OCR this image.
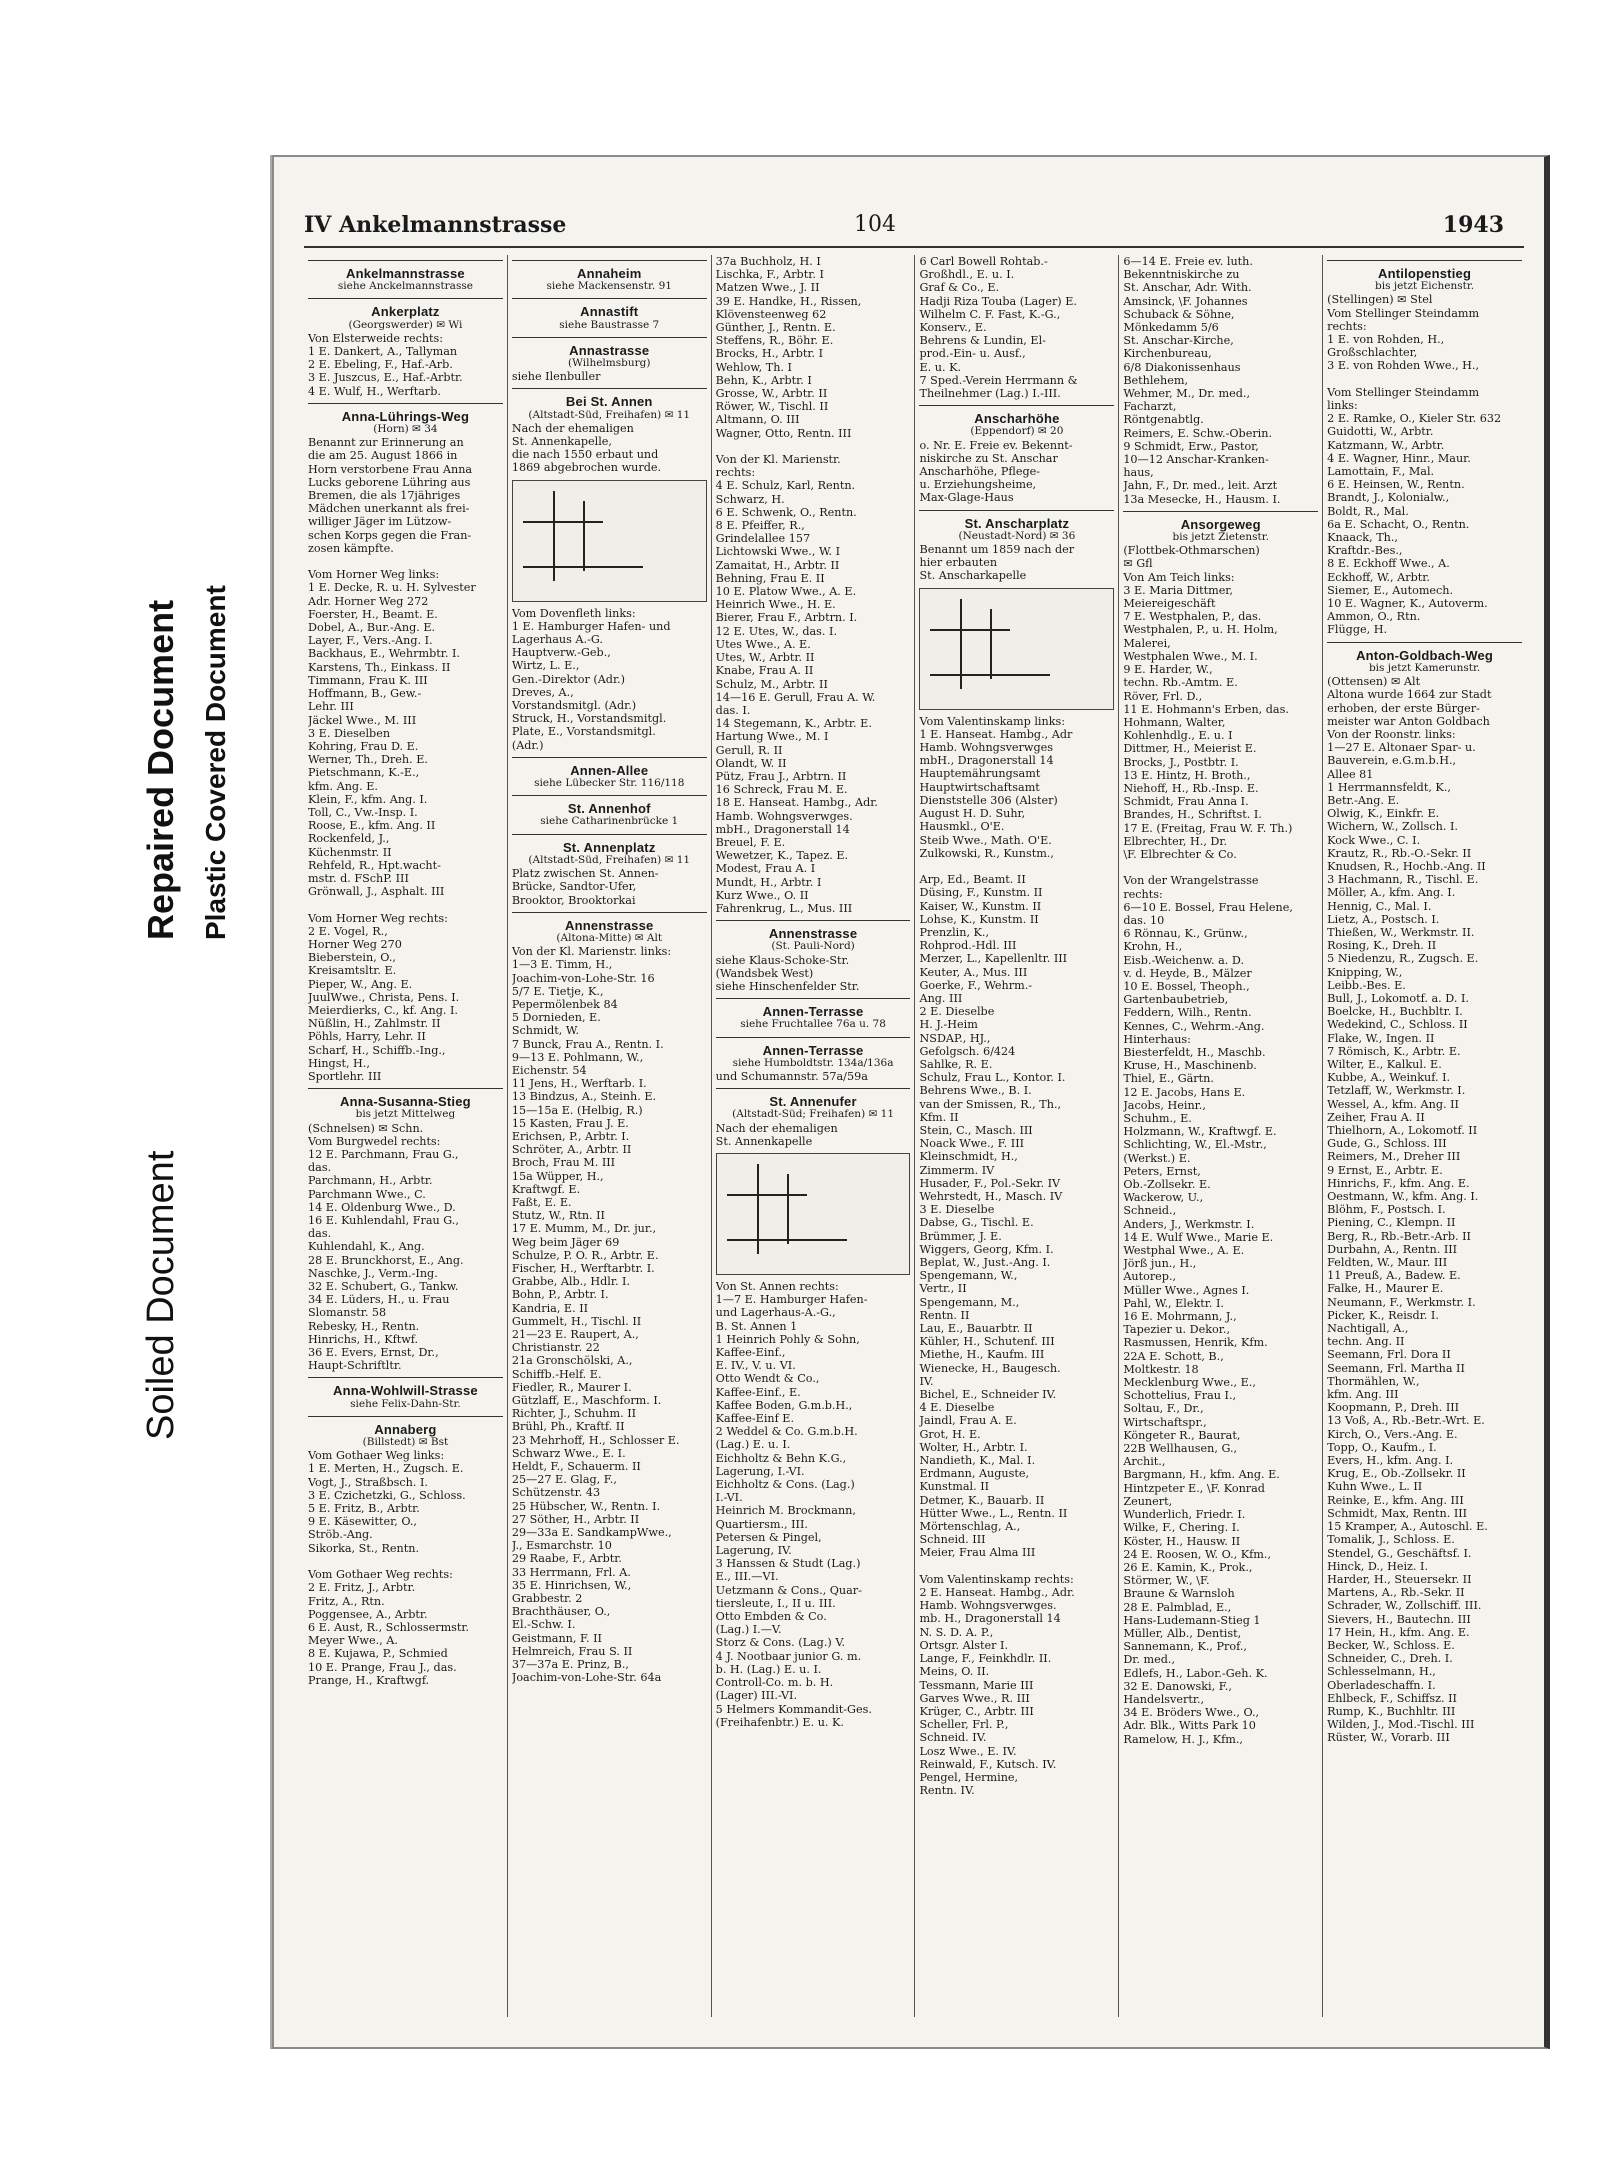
Repaired Document Plastic Covered Document
Soiled Document
IV Ankelmannstrasse	104	1943
Ankelmannstrasse
siehe Anckelmannstrasse
Ankerplatz
(Georgswerder) ✉ Wi
Von Elsterweide rechts:
1 E. Dankert, A., Tallyman
2 E. Ebeling, F., Haf.-Arb.
3 E. Juszcus, E., Haf.-Arbtr.
4 E. Wulf, H., Werftarb.
Anna-Lührings-Weg
(Horn) ✉ 34
Benannt zur Erinnerung an
die am 25. August 1866 in
Horn verstorbene Frau Anna
Lucks geborene Lühring aus
Bremen, die als 17jähriges
Mädchen unerkannt als frei-
williger Jäger im Lützow-
schen Korps gegen die Fran-
zosen kämpfte.

Vom Horner Weg links:
1 E. Decke, R. u. H. Sylvester
Adr. Horner Weg 272
Foerster, H., Beamt. E.
Dobel, A., Bur.-Ang. E.
Layer, F., Vers.-Ang. I.
Backhaus, E., Wehrmbtr. I.
Karstens, Th., Einkass. II
Timmann, Frau K. III
Hoffmann, B., Gew.-
Lehr. III
Jäckel Wwe., M. III
3 E. Dieselben
Kohring, Frau D. E.
Werner, Th., Dreh. E.
Pietschmann, K.-E.,
kfm. Ang. E.
Klein, F., kfm. Ang. I.
Toll, C., Vw.-Insp. I.
Roose, E., kfm. Ang. II
Rockenfeld, J.,
Küchenmstr. II
Rehfeld, R., Hpt.wacht-
mstr. d. FSchP. III
Grönwall, J., Asphalt. III

Vom Horner Weg rechts:
2 E. Vogel, R.,
Horner Weg 270
Bieberstein, O.,
Kreisamtsltr. E.
Pieper, W., Ang. E.
JuulWwe., Christa, Pens. I.
Meierdierks, C., kf. Ang. I.
Nüßlin, H., Zahlmstr. II
Pöhls, Harry, Lehr. II
Scharf, H., Schiffb.-Ing.,
Hingst, H.,
Sportlehr. III
Anna-Susanna-Stieg
bis jetzt Mittelweg
(Schnelsen) ✉ Schn.
Vom Burgwedel rechts:
12 E. Parchmann, Frau G.,
das.
Parchmann, H., Arbtr.
Parchmann Wwe., C.
14 E. Oldenburg Wwe., D.
16 E. Kuhlendahl, Frau G.,
das.
Kuhlendahl, K., Ang.
28 E. Brunckhorst, E., Ang.
Naschke, J., Verm.-Ing.
32 E. Schubert, G., Tankw.
34 E. Lüders, H., u. Frau
Slomanstr. 58
Rebesky, H., Rentn.
Hinrichs, H., Kftwf.
36 E. Evers, Ernst, Dr.,
Haupt-Schriftltr.
Anna-Wohlwill-Strasse
siehe Felix-Dahn-Str.
Annaberg
(Billstedt) ✉ Bst
Vom Gothaer Weg links:
1 E. Merten, H., Zugsch. E.
Vogt, J., Straßbsch. I.
3 E. Czichetzki, G., Schloss.
5 E. Fritz, B., Arbtr.
9 E. Käsewitter, O.,
Ströb.-Ang.
Sikorka, St., Rentn.

Vom Gothaer Weg rechts:
2 E. Fritz, J., Arbtr.
Fritz, A., Rtn.
Poggensee, A., Arbtr.
6 E. Aust, R., Schlossermstr.
Meyer Wwe., A.
8 E. Kujawa, P., Schmied
10 E. Prange, Frau J., das.
Prange, H., Kraftwgf.
Annaheim
siehe Mackensenstr. 91
Annastift
siehe Baustrasse 7
Annastrasse
(Wilhelmsburg)
siehe Ilenbuller
Bei St. Annen
(Altstadt-Süd, Freihafen) ✉ 11
Nach der ehemaligen
St. Annenkapelle,
die nach 1550 erbaut und
1869 abgebrochen wurde.
Vom Dovenfleth links:
1 E. Hamburger Hafen- und
Lagerhaus A.-G.
Hauptverw.-Geb.,
Wirtz, L. E.,
Gen.-Direktor (Adr.)
Dreves, A.,
Vorstandsmitgl. (Adr.)
Struck, H., Vorstandsmitgl.
Plate, E., Vorstandsmitgl.
(Adr.)
Annen-Allee
siehe Lübecker Str. 116/118
St. Annenhof
siehe Catharinenbrücke 1
St. Annenplatz
(Altstadt-Süd, Freihafen) ✉ 11
Platz zwischen St. Annen-
Brücke, Sandtor-Ufer,
Brooktor, Brooktorkai
Annenstrasse
(Altona-Mitte) ✉ Alt
Von der Kl. Marienstr. links:
1—3 E. Timm, H.,
Joachim-von-Lohe-Str. 16
5/7 E. Tietje, K.,
Pepermölenbek 84
5 Dornieden, E.
Schmidt, W.
7 Bunck, Frau A., Rentn. I.
9—13 E. Pohlmann, W.,
Eichenstr. 54
11 Jens, H., Werftarb. I.
13 Bindzus, A., Steinh. E.
15—15a E. (Helbig, R.)
15 Kasten, Frau J. E.
Erichsen, P., Arbtr. I.
Schröter, A., Arbtr. II
Broch, Frau M. III
15a Wüpper, H.,
Kraftwgf. E.
Faßt, E. E.
Stutz, W., Rtn. II
17 E. Mumm, M., Dr. jur.,
Weg beim Jäger 69
Schulze, P. O. R., Arbtr. E.
Fischer, H., Werftarbtr. I.
Grabbe, Alb., Hdlr. I.
Bohn, P., Arbtr. I.
Kandria, E. II
Gummelt, H., Tischl. II
21—23 E. Raupert, A.,
Christianstr. 22
21a Gronschölski, A.,
Schiffb.-Helf. E.
Fiedler, R., Maurer I.
Gützlaff, E., Maschform. I.
Richter, J., Schuhm. II
Brühl, Ph., Kraftf. II
23 Mehrhoff, H., Schlosser E.
Schwarz Wwe., E. I.
Heldt, F., Schauerm. II
25—27 E. Glag, F.,
Schützenstr. 43
25 Hübscher, W., Rentn. I.
27 Söther, H., Arbtr. II
29—33a E. SandkampWwe.,
J., Esmarchstr. 10
29 Raabe, F., Arbtr.
33 Herrmann, Frl. A.
35 E. Hinrichsen, W.,
Grabbestr. 2
Brachthäuser, O.,
El.-Schw. I.
Geistmann, F. II
Helmreich, Frau S. II
37—37a E. Prinz, B.,
Joachim-von-Lohe-Str. 64a
37a Buchholz, H. I
Lischka, F., Arbtr. I
Matzen Wwe., J. II
39 E. Handke, H., Rissen,
Klövensteenweg 62
Günther, J., Rentn. E.
Steffens, R., Böhr. E.
Brocks, H., Arbtr. I
Wehlow, Th. I
Behn, K., Arbtr. I
Grosse, W., Arbtr. II
Röwer, W., Tischl. II
Altmann, O. III
Wagner, Otto, Rentn. III

Von der Kl. Marienstr.
rechts:
4 E. Schulz, Karl, Rentn.
Schwarz, H.
6 E. Schwenk, O., Rentn.
8 E. Pfeiffer, R.,
Grindelallee 157
Lichtowski Wwe., W. I
Zamaitat, H., Arbtr. II
Behning, Frau E. II
10 E. Platow Wwe., A. E.
Heinrich Wwe., H. E.
Bierer, Frau F., Arbtrn. I.
12 E. Utes, W., das. I.
Utes Wwe., A. E.
Utes, W., Arbtr. II
Knabe, Frau A. II
Schulz, M., Arbtr. II
14—16 E. Gerull, Frau A. W.
das. I.
14 Stegemann, K., Arbtr. E.
Hartung Wwe., M. I
Gerull, R. II
Olandt, W. II
Pütz, Frau J., Arbtrn. II
16 Schreck, Frau M. E.
18 E. Hanseat. Hambg., Adr.
Hamb. Wohngsverwges.
mbH., Dragonerstall 14
Breuel, F. E.
Wewetzer, K., Tapez. E.
Modest, Frau A. I
Mundt, H., Arbtr. I
Kurz Wwe., O. II
Fahrenkrug, L., Mus. III
Annenstrasse
(St. Pauli-Nord)
siehe Klaus-Schoke-Str.
(Wandsbek West)
siehe Hinschenfelder Str.
Annen-Terrasse
siehe Fruchtallee 76a u. 78
Annen-Terrasse
siehe Humboldtstr. 134a/136a
und Schumannstr. 57a/59a
St. Annenufer
(Altstadt-Süd; Freihafen) ✉ 11
Nach der ehemaligen
St. Annenkapelle
Von St. Annen rechts:
1—7 E. Hamburger Hafen-
und Lagerhaus-A.-G.,
B. St. Annen 1
1 Heinrich Pohly & Sohn,
Kaffee-Einf.,
E. IV., V. u. VI.
Otto Wendt & Co.,
Kaffee-Einf., E.
Kaffee Boden, G.m.b.H.,
Kaffee-Einf E.
2 Weddel & Co. G.m.b.H.
(Lag.) E. u. I.
Eichholtz & Behn K.G.,
Lagerung, I.-VI.
Eichholtz & Cons. (Lag.)
I.-VI.
Heinrich M. Brockmann,
Quartiersm., III.
Petersen & Pingel,
Lagerung, IV.
3 Hanssen & Studt (Lag.)
E., III.—VI.
Uetzmann & Cons., Quar-
tiersleute, I., II u. III.
Otto Embden & Co.
(Lag.) I.—V.
Storz & Cons. (Lag.) V.
4 J. Nootbaar junior G. m.
b. H. (Lag.) E. u. I.
Controll-Co. m. b. H.
(Lager) III.-VI.
5 Helmers Kommandit-Ges.
(Freihafenbtr.) E. u. K.
6 Carl Bowell Rohtab.-
Großhdl., E. u. I.
Graf & Co., E.
Hadji Riza Touba (Lager) E.
Wilhelm C. F. Fast, K.-G.,
Konserv., E.
Behrens & Lundin, El-
prod.-Ein- u. Ausf.,
E. u. K.
7 Sped.-Verein Herrmann &
Theilnehmer (Lag.) I.-III.
Anscharhöhe
(Eppendorf) ✉ 20
o. Nr. E. Freie ev. Bekennt-
niskirche zu St. Anschar
Anscharhöhe, Pflege-
u. Erziehungsheime,
Max-Glage-Haus
St. Anscharplatz
(Neustadt-Nord) ✉ 36
Benannt um 1859 nach der
hier erbauten
St. Anscharkapelle
Vom Valentinskamp links:
1 E. Hanseat. Hambg., Adr
Hamb. Wohngsverwges
mbH., Dragonerstall 14
Hauptemährungsamt
Hauptwirtschaftsamt
Dienststelle 306 (Alster)
August H. D. Suhr,
Hausmkl., O'E.
Steib Wwe., Math. O'E.
Zulkowski, R., Kunstm.,

Arp, Ed., Beamt. II
Düsing, F., Kunstm. II
Kaiser, W., Kunstm. II
Lohse, K., Kunstm. II
Prenzlin, K.,
Rohprod.-Hdl. III
Merzer, L., Kapellenltr. III
Keuter, A., Mus. III
Goerke, F., Wehrm.-
Ang. III
2 E. Dieselbe
H. J.-Heim
NSDAP., HJ.,
Gefolgsch. 6/424
Sahlke, R. E.
Schulz, Frau L., Kontor. I.
Behrens Wwe., B. I.
van der Smissen, R., Th.,
Kfm. II
Stein, C., Masch. III
Noack Wwe., F. III
Kleinschmidt, H.,
Zimmerm. IV
Husader, F., Pol.-Sekr. IV
Wehrstedt, H., Masch. IV
3 E. Dieselbe
Dabse, G., Tischl. E.
Brümmer, J. E.
Wiggers, Georg, Kfm. I.
Beplat, W., Just.-Ang. I.
Spengemann, W.,
Vertr., II
Spengemann, M.,
Rentn. II
Lau, E., Bauarbtr. II
Kühler, H., Schutenf. III
Miethe, H., Kaufm. III
Wienecke, H., Baugesch.
IV.
Bichel, E., Schneider IV.
4 E. Dieselbe
Jaindl, Frau A. E.
Grot, H. E.
Wolter, H., Arbtr. I.
Nandieth, K., Mal. I.
Erdmann, Auguste,
Kunstmal. II
Detmer, K., Bauarb. II
Hütter Wwe., L., Rentn. II
Mörtenschlag, A.,
Schneid. III
Meier, Frau Alma III

Vom Valentinskamp rechts:
2 E. Hanseat. Hambg., Adr.
Hamb. Wohngsverwges.
mb. H., Dragonerstall 14
N. S. D. A. P.,
Ortsgr. Alster I.
Lange, F., Feinkhdlr. II.
Meins, O. II.
Tessmann, Marie III
Garves Wwe., R. III
Krüger, C., Arbtr. III
Scheller, Frl. P.,
Schneid. IV.
Losz Wwe., E. IV.
Reinwald, F., Kutsch. IV.
Pengel, Hermine,
Rentn. IV.
6—14 E. Freie ev. luth.
Bekenntniskirche zu
St. Anschar, Adr. With.
Amsinck, \F. Johannes
Schuback & Söhne,
Mönkedamm 5/6
St. Anschar-Kirche,
Kirchenbureau,
6/8 Diakonissenhaus
Bethlehem,
Wehmer, M., Dr. med.,
Facharzt,
Röntgenabtlg.
Reimers, E. Schw.-Oberin.
9 Schmidt, Erw., Pastor,
10—12 Anschar-Kranken-
haus,
Jahn, F., Dr. med., leit. Arzt
13a Mesecke, H., Hausm. I.
Ansorgeweg
bis jetzt Zietenstr.
(Flottbek-Othmarschen)
✉ Gfl
Von Am Teich links:
3 E. Maria Dittmer,
Meiereigeschäft
7 E. Westphalen, P., das.
Westphalen, P., u. H. Holm,
Malerei,
Westphalen Wwe., M. I.
9 E. Harder, W.,
techn. Rb.-Amtm. E.
Röver, Frl. D.,
11 E. Hohmann's Erben, das.
Hohmann, Walter,
Kohlenhdlg., E. u. I
Dittmer, H., Meierist E.
Brocks, J., Postbtr. I.
13 E. Hintz, H. Broth.,
Niehoff, H., Rb.-Insp. E.
Schmidt, Frau Anna I.
Brandes, H., Schriftst. I.
17 E. (Freitag, Frau W. F. Th.)
Elbrechter, H., Dr.
\F. Elbrechter & Co.

Von der Wrangelstrasse
rechts:
6—10 E. Bossel, Frau Helene,
das. 10
6 Rönnau, K., Grünw.,
Krohn, H.,
Eisb.-Weichenw. a. D.
v. d. Heyde, B., Mälzer
10 E. Bossel, Theoph.,
Gartenbaubetrieb,
Feddern, Wilh., Rentn.
Kennes, C., Wehrm.-Ang.
Hinterhaus:
Biesterfeldt, H., Maschb.
Kruse, H., Maschinenb.
Thiel, E., Gärtn.
12 E. Jacobs, Hans E.
Jacobs, Heinr.,
Schuhm., E.
Holzmann, W., Kraftwgf. E.
Schlichting, W., El.-Mstr.,
(Werkst.) E.
Peters, Ernst,
Ob.-Zollsekr. E.
Wackerow, U.,
Schneid.,
Anders, J., Werkmstr. I.
14 E. Wulf Wwe., Marie E.
Westphal Wwe., A. E.
Jörß jun., H.,
Autorep.,
Müller Wwe., Agnes I.
Pahl, W., Elektr. I.
16 E. Mohrmann, J.,
Tapezier u. Dekor.,
Rasmussen, Henrik, Kfm.
22A E. Schott, B.,
Moltkestr. 18
Mecklenburg Wwe., E.,
Schottelius, Frau I.,
Soltau, F., Dr.,
Wirtschaftspr.,
Köngeter R., Baurat,
22B Wellhausen, G.,
Archit.,
Bargmann, H., kfm. Ang. E.
Hintzpeter E., \F. Konrad
Zeunert,
Wunderlich, Friedr. I.
Wilke, F., Chering. I.
Köster, H., Hausw. II
24 E. Roosen, W. O., Kfm.,
26 E. Kamin, K., Prok.,
Störmer, W., \F.
Braune & Warnsloh
28 E. Palmblad, E.,
Hans-Ludemann-Stieg 1
Müller, Alb., Dentist,
Sannemann, K., Prof.,
Dr. med.,
Edlefs, H., Labor.-Geh. K.
32 E. Danowski, F.,
Handelsvertr.,
34 E. Bröders Wwe., O.,
Adr. Blk., Witts Park 10
Ramelow, H. J., Kfm.,
Antilopenstieg
bis jetzt Eichenstr.
(Stellingen) ✉ Stel
Vom Stellinger Steindamm
rechts:
1 E. von Rohden, H.,
Großschlachter,
3 E. von Rohden Wwe., H.,

Vom Stellinger Steindamm
links:
2 E. Ramke, O., Kieler Str. 632
Guidotti, W., Arbtr.
Katzmann, W., Arbtr.
4 E. Wagner, Hinr., Maur.
Lamottain, F., Mal.
6 E. Heinsen, W., Rentn.
Brandt, J., Kolonialw.,
Boldt, R., Mal.
6a E. Schacht, O., Rentn.
Knaack, Th.,
Kraftdr.-Bes.,
8 E. Eckhoff Wwe., A.
Eckhoff, W., Arbtr.
Siemer, E., Automech.
10 E. Wagner, K., Autoverm.
Ammon, O., Rtn.
Flügge, H.
Anton-Goldbach-Weg
bis jetzt Kamerunstr.
(Ottensen) ✉ Alt
Altona wurde 1664 zur Stadt
erhoben, der erste Bürger-
meister war Anton Goldbach
Von der Roonstr. links:
1—27 E. Altonaer Spar- u.
Bauverein, e.G.m.b.H.,
Allee 81
1 Herrmannsfeldt, K.,
Betr.-Ang. E.
Olwig, K., Einkfr. E.
Wichern, W., Zollsch. I.
Kock Wwe., C. I.
Krautz, R., Rb.-O.-Sekr. II
Knudsen, R., Hochb.-Ang. II
3 Hachmann, R., Tischl. E.
Möller, A., kfm. Ang. I.
Hennig, C., Mal. I.
Lietz, A., Postsch. I.
Thießen, W., Werkmstr. II.
Rosing, K., Dreh. II
5 Niedenzu, R., Zugsch. E.
Knipping, W.,
Leibb.-Bes. E.
Bull, J., Lokomotf. a. D. I.
Boelcke, H., Buchbltr. I.
Wedekind, C., Schloss. II
Flake, W., Ingen. II
7 Römisch, K., Arbtr. E.
Wilter, E., Kalkul. E.
Kubbe, A., Weinkuf. I.
Tetzlaff, W., Werkmstr. I.
Wessel, A., kfm. Ang. II
Zeiher, Frau A. II
Thielhorn, A., Lokomotf. II
Gude, G., Schloss. III
Reimers, M., Dreher III
9 Ernst, E., Arbtr. E.
Hinrichs, F., kfm. Ang. E.
Oestmann, W., kfm. Ang. I.
Blöhm, F., Postsch. I.
Piening, C., Klempn. II
Berg, R., Rb.-Betr.-Arb. II
Durbahn, A., Rentn. III
Feldten, W., Maur. III
11 Preuß, A., Badew. E.
Falke, H., Maurer E.
Neumann, F., Werkmstr. I.
Picker, K., Reisdr. I.
Nachtigall, A.,
techn. Ang. II
Seemann, Frl. Dora II
Seemann, Frl. Martha II
Thormählen, W.,
kfm. Ang. III
Koopmann, P., Dreh. III
13 Voß, A., Rb.-Betr.-Wrt. E.
Kirch, O., Vers.-Ang. E.
Topp, O., Kaufm., I.
Evers, H., kfm. Ang. I.
Krug, E., Ob.-Zollsekr. II
Kuhn Wwe., L. II
Reinke, E., kfm. Ang. III
Schmidt, Max, Rentn. III
15 Kramper, A., Autoschl. E.
Tomalik, J., Schloss. E.
Stendel, G., Geschäftsf. I.
Hinck, D., Heiz. I.
Harder, H., Steuersekr. II
Martens, A., Rb.-Sekr. II
Schrader, W., Zollschiff. III.
Sievers, H., Bautechn. III
17 Hein, H., kfm. Ang. E.
Becker, W., Schloss. E.
Schneider, C., Dreh. I.
Schlesselmann, H.,
Oberladeschaffn. I.
Ehlbeck, F., Schiffsz. II
Rump, K., Buchhltr. III
Wilden, J., Mod.-Tischl. III
Rüster, W., Vorarb. III
